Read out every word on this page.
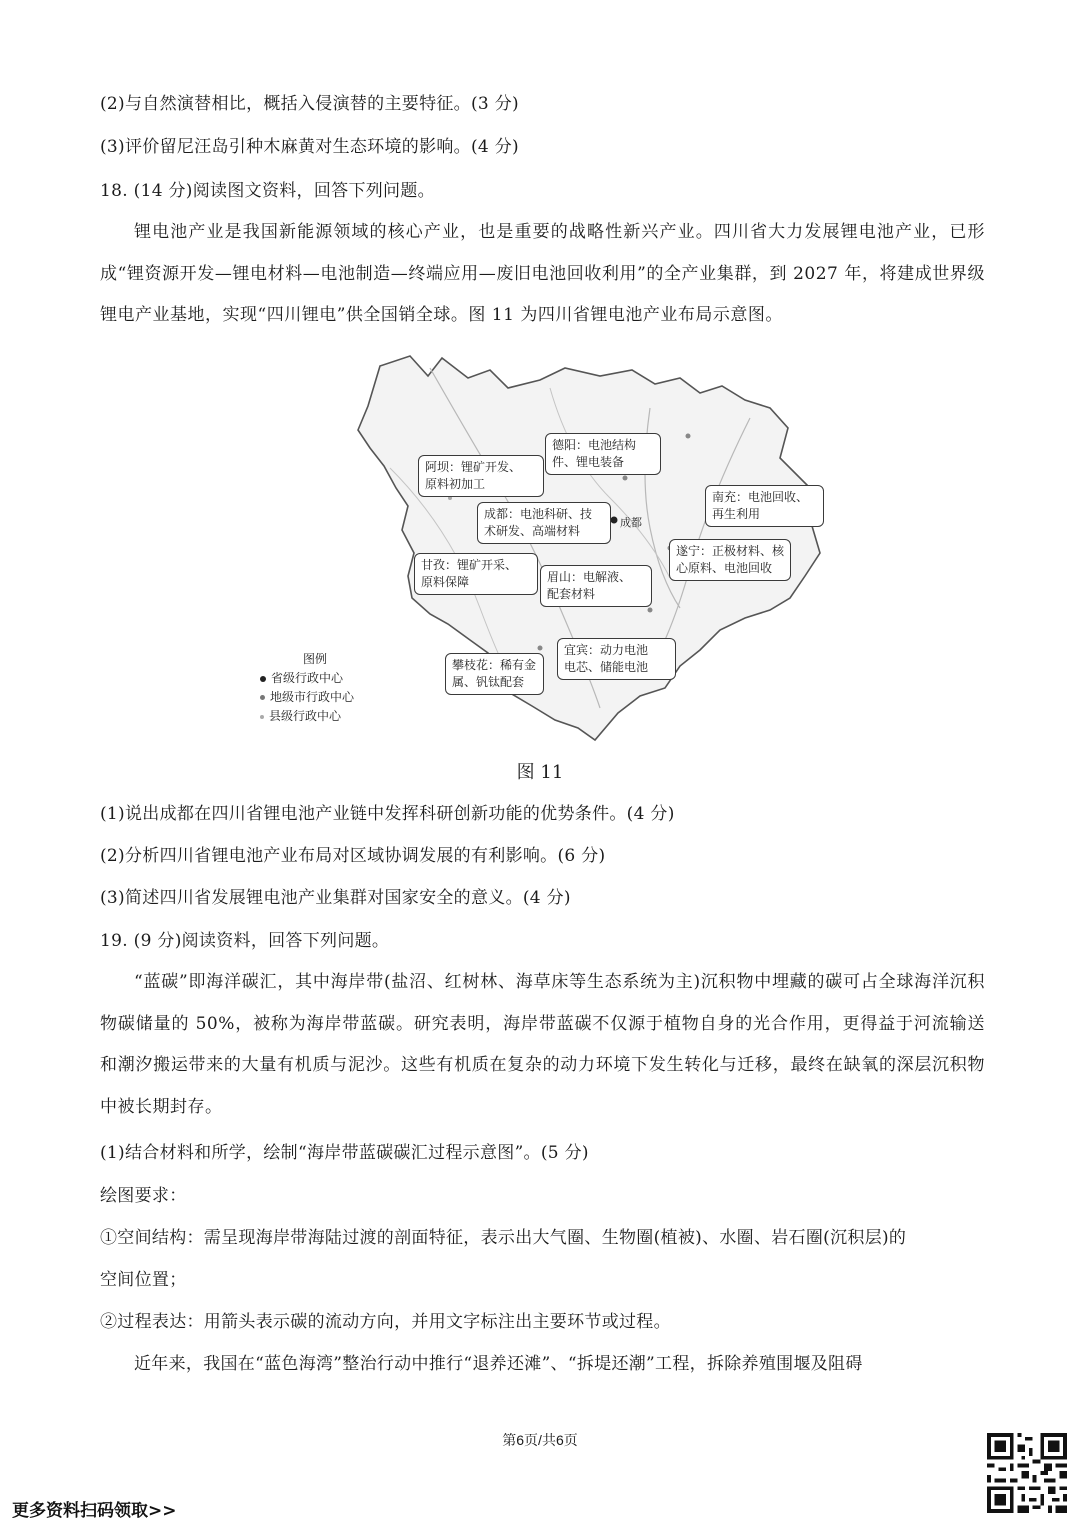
(2)与自然演替相比，概括入侵演替的主要特征。(3 分)
(3)评价留尼汪岛引种木麻黄对生态环境的影响。(4 分)
18. (14 分)阅读图文资料，回答下列问题。
锂电池产业是我国新能源领域的核心产业，也是重要的战略性新兴产业。四川省大力发展锂电池产业，已形成“锂资源开发—锂电材料—电池制造—终端应用—废旧电池回收利用”的全产业集群，到 2027 年，将建成世界级锂电产业基地，实现“四川锂电”供全国销全球。图 11 为四川省锂电池产业布局示意图。
阿坝：锂矿开发、
原料初加工
德阳：电池结构
件、锂电装备
成都：电池科研、技
术研发、高端材料
成都
南充：电池回收、
再生利用
遂宁：正极材料、核
心原料、电池回收
甘孜：锂矿开采、
原料保障	眉山：电解液、
配套材料
宜宾：动力电池
电芯、储能电池
攀枝花：稀有金
属、钒钛配套
图例
省级行政中心
地级市行政中心
县级行政中心
图 11
(1)说出成都在四川省锂电池产业链中发挥科研创新功能的优势条件。(4 分)
(2)分析四川省锂电池产业布局对区域协调发展的有利影响。(6 分)
(3)简述四川省发展锂电池产业集群对国家安全的意义。(4 分)
19. (9 分)阅读资料，回答下列问题。
“蓝碳”即海洋碳汇，其中海岸带(盐沼、红树林、海草床等生态系统为主)沉积物中埋藏的碳可占全球海洋沉积物碳储量的 50%，被称为海岸带蓝碳。研究表明，海岸带蓝碳不仅源于植物自身的光合作用，更得益于河流输送和潮汐搬运带来的大量有机质与泥沙。这些有机质在复杂的动力环境下发生转化与迁移，最终在缺氧的深层沉积物中被长期封存。
(1)结合材料和所学，绘制“海岸带蓝碳碳汇过程示意图”。(5 分)
绘图要求：
①空间结构：需呈现海岸带海陆过渡的剖面特征，表示出大气圈、生物圈(植被)、水圈、岩石圈(沉积层)的
空间位置；
②过程表达：用箭头表示碳的流动方向，并用文字标注出主要环节或过程。
近年来，我国在“蓝色海湾”整治行动中推行“退养还滩”、“拆堤还潮”工程，拆除养殖围堰及阻碍
第6页/共6页
更多资料扫码领取>>
